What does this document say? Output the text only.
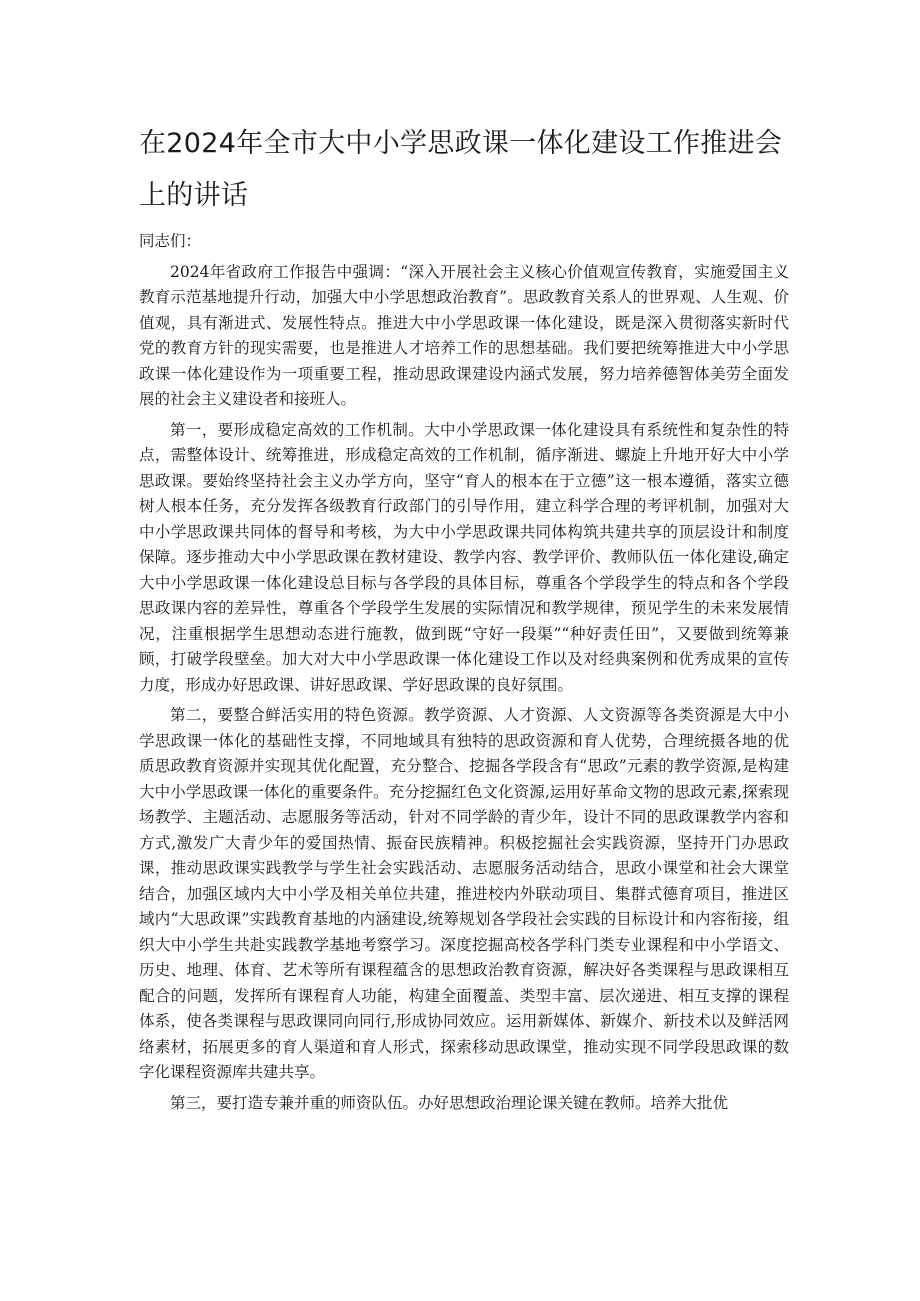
在2024年全市大中小学思政课一体化建设工作推进会上的讲话

同志们：

2024年省政府工作报告中强调：“深入开展社会主义核心价值观宣传教育，实施爱国主义教育示范基地提升行动，加强大中小学思想政治教育”。思政教育关系人的世界观、人生观、价值观，具有渐进式、发展性特点。推进大中小学思政课一体化建设，既是深入贯彻落实新时代党的教育方针的现实需要，也是推进人才培养工作的思想基础。我们要把统筹推进大中小学思政课一体化建设作为一项重要工程，推动思政课建设内涵式发展，努力培养德智体美劳全面发展的社会主义建设者和接班人。

第一，要形成稳定高效的工作机制。大中小学思政课一体化建设具有系统性和复杂性的特点，需整体设计、统筹推进，形成稳定高效的工作机制，循序渐进、螺旋上升地开好大中小学思政课。要始终坚持社会主义办学方向，坚守“育人的根本在于立德”这一根本遵循，落实立德树人根本任务，充分发挥各级教育行政部门的引导作用，建立科学合理的考评机制，加强对大中小学思政课共同体的督导和考核，为大中小学思政课共同体构筑共建共享的顶层设计和制度保障。逐步推动大中小学思政课在教材建设、教学内容、教学评价、教师队伍一体化建设,确定大中小学思政课一体化建设总目标与各学段的具体目标，尊重各个学段学生的特点和各个学段思政课内容的差异性，尊重各个学段学生发展的实际情况和教学规律，预见学生的未来发展情况，注重根据学生思想动态进行施教，做到既“守好一段渠”“种好责任田”，又要做到统筹兼顾，打破学段壁垒。加大对大中小学思政课一体化建设工作以及对经典案例和优秀成果的宣传力度，形成办好思政课、讲好思政课、学好思政课的良好氛围。

第二，要整合鲜活实用的特色资源。教学资源、人才资源、人文资源等各类资源是大中小学思政课一体化的基础性支撑，不同地域具有独特的思政资源和育人优势，合理统摄各地的优质思政教育资源并实现其优化配置，充分整合、挖掘各学段含有“思政”元素的教学资源,是构建大中小学思政课一体化的重要条件。充分挖掘红色文化资源,运用好革命文物的思政元素,探索现场教学、主题活动、志愿服务等活动，针对不同学龄的青少年，设计不同的思政课教学内容和方式,激发广大青少年的爱国热情、振奋民族精神。积极挖掘社会实践资源，坚持开门办思政课，推动思政课实践教学与学生社会实践活动、志愿服务活动结合，思政小课堂和社会大课堂结合，加强区域内大中小学及相关单位共建，推进校内外联动项目、集群式德育项目，推进区域内“大思政课”实践教育基地的内涵建设,统筹规划各学段社会实践的目标设计和内容衔接，组织大中小学生共赴实践教学基地考察学习。深度挖掘高校各学科门类专业课程和中小学语文、历史、地理、体育、艺术等所有课程蕴含的思想政治教育资源，解决好各类课程与思政课相互配合的问题，发挥所有课程育人功能，构建全面覆盖、类型丰富、层次递进、相互支撑的课程体系，使各类课程与思政课同向同行,形成协同效应。运用新媒体、新媒介、新技术以及鲜活网络素材，拓展更多的育人渠道和育人形式，探索移动思政课堂，推动实现不同学段思政课的数字化课程资源库共建共享。

第三，要打造专兼并重的师资队伍。办好思想政治理论课关键在教师。培养大批优
